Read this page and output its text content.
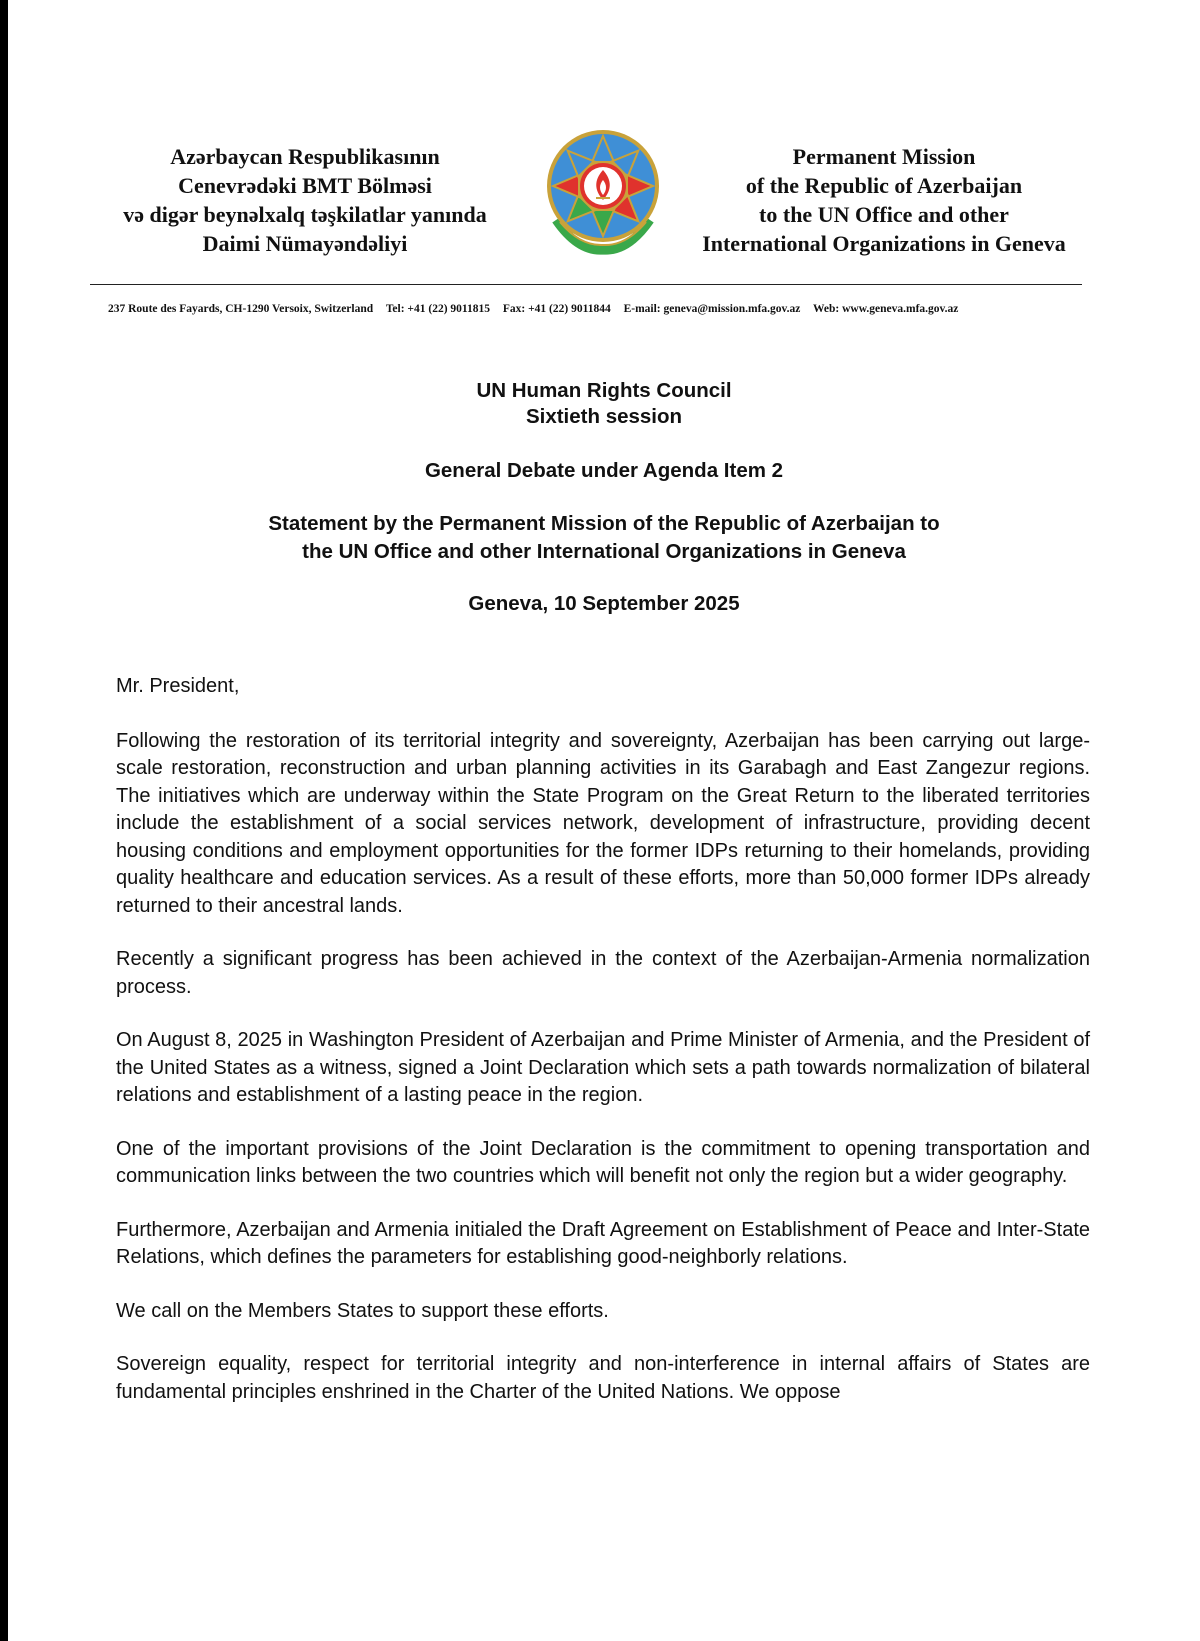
Azərbaycan Respublikasının
Cenevrədəki BMT Bölməsi
və digər beynəlxalq təşkilatlar yanında
Daimi Nümayəndəliyi
Permanent Mission
of the Republic of Azerbaijan
to the UN Office and other
International Organizations in Geneva
237 Route des Fayards, CH-1290 Versoix, Switzerland Tel: +41 (22) 9011815 Fax: +41 (22) 9011844 E-mail: geneva@mission.mfa.gov.az Web: www.geneva.mfa.gov.az
UN Human Rights Council
Sixtieth session
General Debate under Agenda Item 2
Statement by the Permanent Mission of the Republic of Azerbaijan to
the UN Office and other International Organizations in Geneva
Geneva, 10 September 2025

Mr. President,

Following the restoration of its territorial integrity and sovereignty, Azerbaijan has been carrying out large-scale restoration, reconstruction and urban planning activities in its Garabagh and East Zangezur regions. The initiatives which are underway within the State Program on the Great Return to the liberated territories include the establishment of a social services network, development of infrastructure, providing decent housing conditions and employment opportunities for the former IDPs returning to their homelands, providing quality healthcare and education services. As a result of these efforts, more than 50,000 former IDPs already returned to their ancestral lands.

Recently a significant progress has been achieved in the context of the Azerbaijan-Armenia normalization process.

On August 8, 2025 in Washington President of Azerbaijan and Prime Minister of Armenia, and the President of the United States as a witness, signed a Joint Declaration which sets a path towards normalization of bilateral relations and establishment of a lasting peace in the region.

One of the important provisions of the Joint Declaration is the commitment to opening transportation and communication links between the two countries which will benefit not only the region but a wider geography.

Furthermore, Azerbaijan and Armenia initialed the Draft Agreement on Establishment of Peace and Inter-State Relations, which defines the parameters for establishing good-neighborly relations.

We call on the Members States to support these efforts.

Sovereign equality, respect for territorial integrity and non-interference in internal affairs of States are fundamental principles enshrined in the Charter of the United Nations. We oppose
